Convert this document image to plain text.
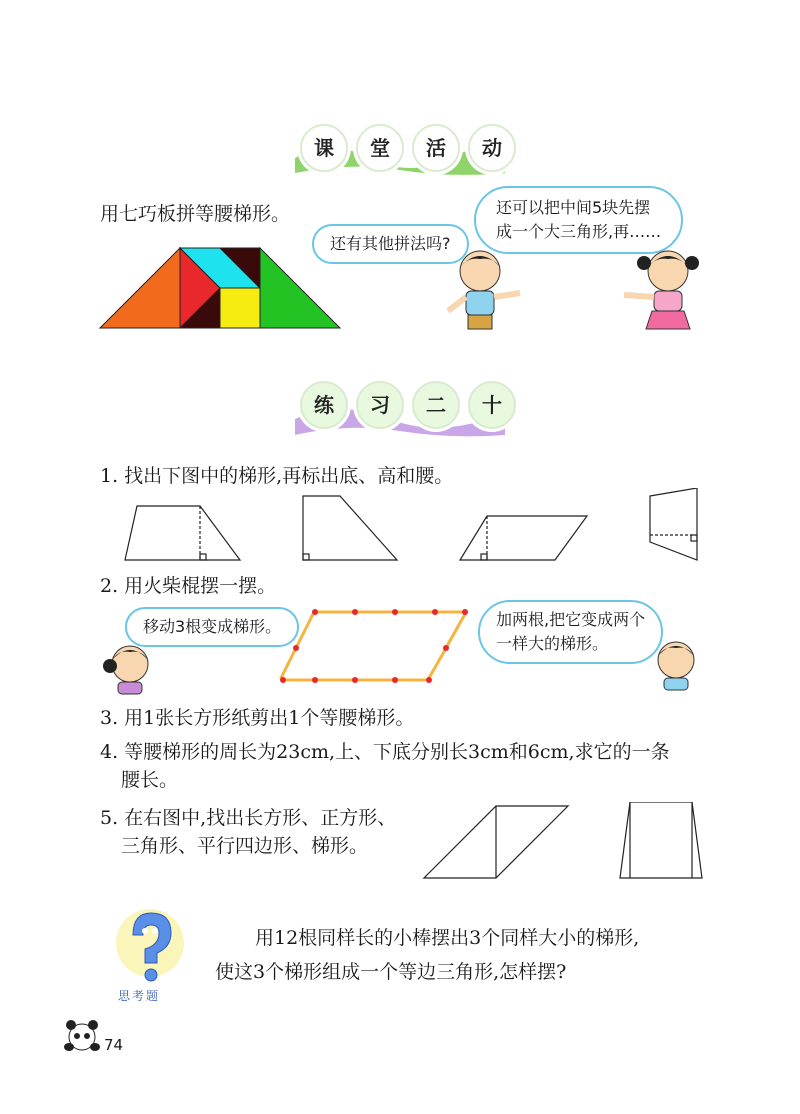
课	堂	活	动
用七巧板拼等腰梯形。
还有其他拼法吗?
还可以把中间5块先摆
成一个大三角形,再……
练	习	二	十
1. 找出下图中的梯形,再标出底、高和腰。
2. 用火柴棍摆一摆。
移动3根变成梯形。	加两根,把它变成两个
一样大的梯形。
3. 用1张长方形纸剪出1个等腰梯形。
4. 等腰梯形的周长为23cm,上、下底分别长3cm和6cm,求它的一条
腰长。
5. 在右图中,找出长方形、正方形、
三角形、平行四边形、梯形。
思考题
用12根同样长的小棒摆出3个同样大小的梯形,
使这3个梯形组成一个等边三角形,怎样摆?
74
